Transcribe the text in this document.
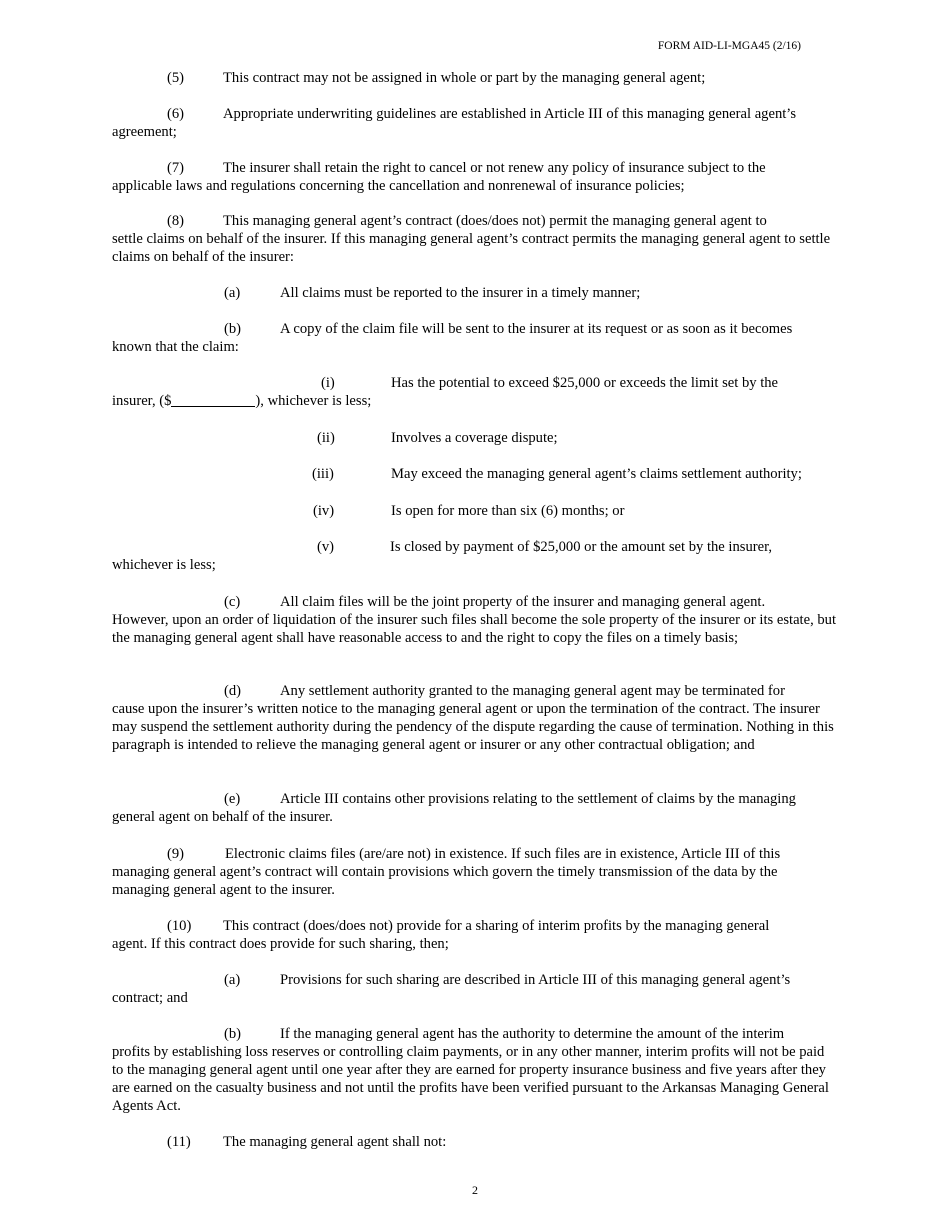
FORM AID-LI-MGA45 (2/16)
(5)	This contract may not be assigned in whole or part by the managing general agent;
(6)	Appropriate underwriting guidelines are established in Article III of this managing general agent’s
agreement;
(7)	The insurer shall retain the right to cancel or not renew any policy of insurance subject to the
applicable laws and regulations concerning the cancellation and nonrenewal of insurance policies;
(8)	This managing general agent’s contract (does/does not) permit the managing general agent to
settle claims on behalf of the insurer. If this managing general agent’s contract permits the managing general agent to settle claims on behalf of the insurer:
(a)	All claims must be reported to the insurer in a timely manner;
(b)	A copy of the claim file will be sent to the insurer at its request or as soon as it becomes
known that the claim:
(i)	Has the potential to exceed $25,000 or exceeds the limit set by the
insurer, ($	), whichever is less;
(ii)	Involves a coverage dispute;
(iii)	May exceed the managing general agent’s claims settlement authority;
(iv)	Is open for more than six (6) months; or
(v)	Is closed by payment of $25,000 or the amount set by the insurer,
whichever is less;
(c)	All claim files will be the joint property of the insurer and managing general agent.
However, upon an order of liquidation of the insurer such files shall become the sole property of the insurer or its estate, but the managing general agent shall have reasonable access to and the right to copy the files on a timely basis;
(d)	Any settlement authority granted to the managing general agent may be terminated for
cause upon the insurer’s written notice to the managing general agent or upon the termination of the contract. The insurer may suspend the settlement authority during the pendency of the dispute regarding the cause of termination. Nothing in this paragraph is intended to relieve the managing general agent or insurer or any other contractual obligation; and
(e)	Article III contains other provisions relating to the settlement of claims by the managing
general agent on behalf of the insurer.
(9)	Electronic claims files (are/are not) in existence. If such files are in existence, Article III of this
managing general agent’s contract will contain provisions which govern the timely transmission of the data by the managing general agent to the insurer.
(10) This contract (does/does not) provide for a sharing of interim profits by the managing general
agent. If this contract does provide for such sharing, then;
(a)	Provisions for such sharing are described in Article III of this managing general agent’s
contract; and
(b)	If the managing general agent has the authority to determine the amount of the interim
profits by establishing loss reserves or controlling claim payments, or in any other manner, interim profits will not be paid to the managing general agent until one year after they are earned for property insurance business and five years after they are earned on the casualty business and not until the profits have been verified pursuant to the Arkansas Managing General Agents Act.
(11) The managing general agent shall not:
2
